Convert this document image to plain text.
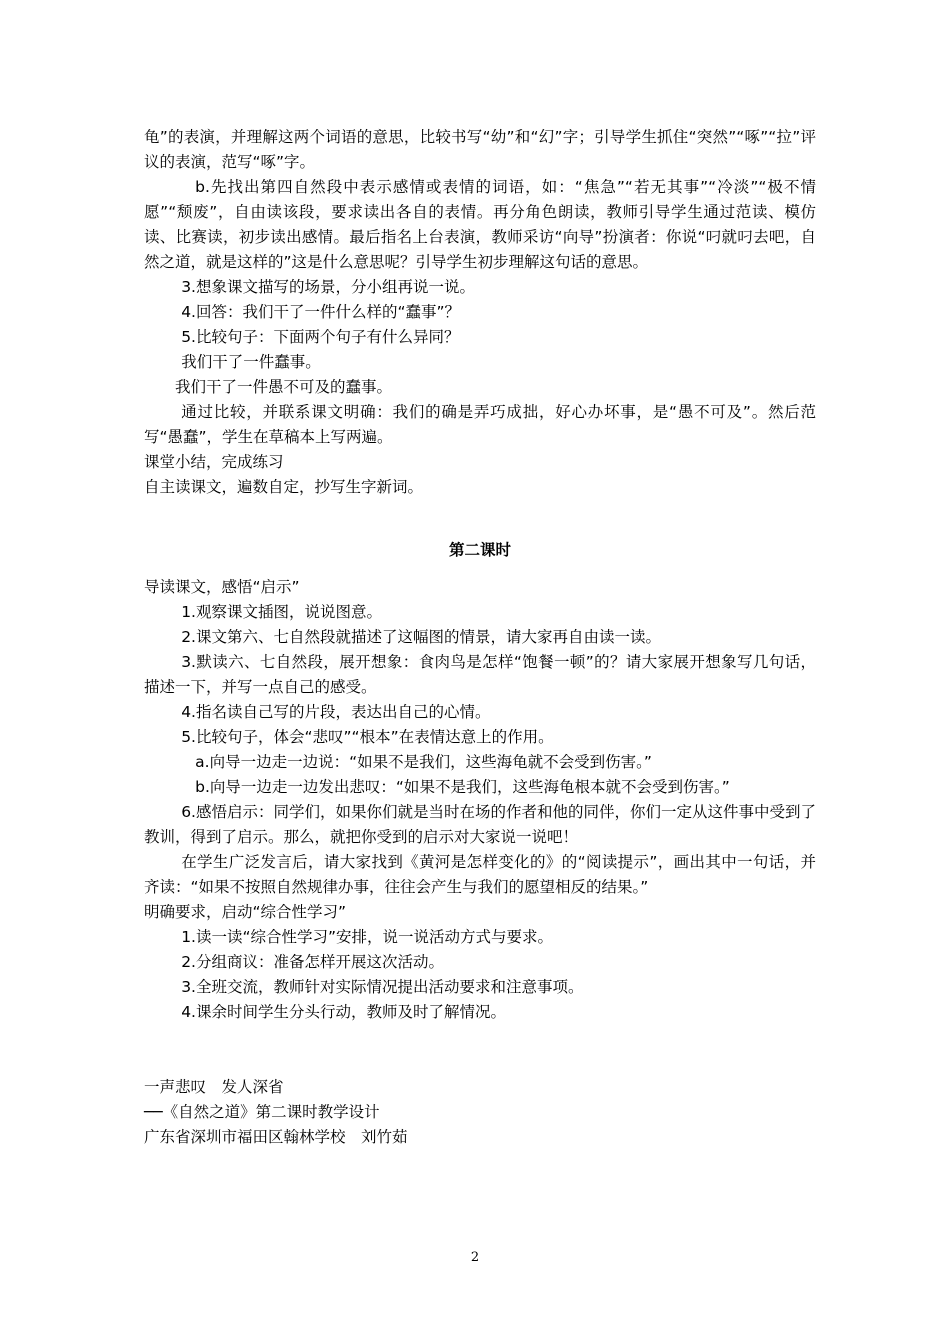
龟”的表演，并理解这两个词语的意思，比较书写“幼”和“幻”字；引导学生抓住“突然”“啄”“拉”评议的表演，范写“啄”字。

b.先找出第四自然段中表示感情或表情的词语，如：“焦急”“若无其事”“冷淡”“极不情愿”“颓废”，自由读该段，要求读出各自的表情。再分角色朗读，教师引导学生通过范读、模仿读、比赛读，初步读出感情。最后指名上台表演，教师采访“向导”扮演者：你说“叼就叼去吧，自然之道，就是这样的”这是什么意思呢？引导学生初步理解这句话的意思。

3.想象课文描写的场景，分小组再说一说。

4.回答：我们干了一件什么样的“蠢事”？

5.比较句子：下面两个句子有什么异同？

我们干了一件蠢事。

我们干了一件愚不可及的蠢事。

通过比较，并联系课文明确：我们的确是弄巧成拙，好心办坏事，是“愚不可及”。然后范写“愚蠢”，学生在草稿本上写两遍。

课堂小结，完成练习

自主读课文，遍数自定，抄写生字新词。

第二课时

导读课文，感悟“启示”

1.观察课文插图，说说图意。

2.课文第六、七自然段就描述了这幅图的情景，请大家再自由读一读。

3.默读六、七自然段，展开想象：食肉鸟是怎样“饱餐一顿”的？请大家展开想象写几句话，描述一下，并写一点自己的感受。

4.指名读自己写的片段，表达出自己的心情。

5.比较句子，体会“悲叹”“根本”在表情达意上的作用。

a.向导一边走一边说：“如果不是我们，这些海龟就不会受到伤害。”

b.向导一边走一边发出悲叹：“如果不是我们，这些海龟根本就不会受到伤害。”

6.感悟启示：同学们，如果你们就是当时在场的作者和他的同伴，你们一定从这件事中受到了教训，得到了启示。那么，就把你受到的启示对大家说一说吧！

在学生广泛发言后，请大家找到《黄河是怎样变化的》的“阅读提示”，画出其中一句话，并齐读：“如果不按照自然规律办事，往往会产生与我们的愿望相反的结果。”

明确要求，启动“综合性学习”

1.读一读“综合性学习”安排，说一说活动方式与要求。

2.分组商议：准备怎样开展这次活动。

3.全班交流，教师针对实际情况提出活动要求和注意事项。

4.课余时间学生分头行动，教师及时了解情况。

一声悲叹　发人深省

──《自然之道》第二课时教学设计

广东省深圳市福田区翰林学校　刘竹茹

2
